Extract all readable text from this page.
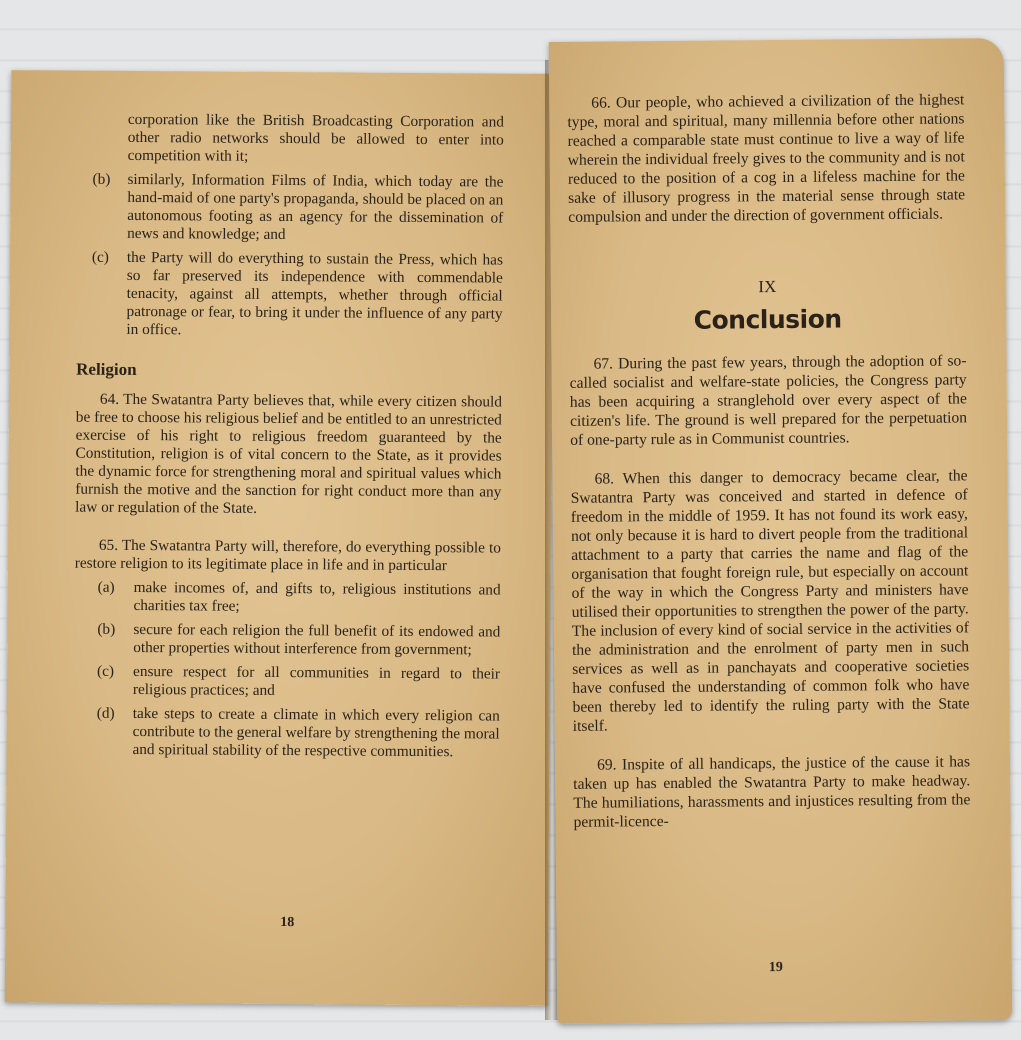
corporation like the British Broadcasting Corporation and other radio networks should be allowed to enter into competition with it;

(b)	similarly, Information Films of India, which today are the hand-maid of one party's propaganda, should be placed on an autonomous footing as an agency for the dissemination of news and knowledge; and
(c)	the Party will do everything to sustain the Press, which has so far preserved its independence with commendable tenacity, against all attempts, whether through official patronage or fear, to bring it under the influence of any party in office.
Religion

64. The Swatantra Party believes that, while every citizen should be free to choose his religious belief and be entitled to an unrestricted exercise of his right to religious freedom guaranteed by the Constitution, religion is of vital concern to the State, as it provides the dynamic force for strengthening moral and spiritual values which furnish the motive and the sanction for right conduct more than any law or regulation of the State.

65. The Swatantra Party will, therefore, do everything possible to restore religion to its legitimate place in life and in particular

(a)	make incomes of, and gifts to, religious institutions and charities tax free;
(b)	secure for each religion the full benefit of its endowed and other properties without interference from government;
(c)	ensure respect for all communities in regard to their religious practices; and
(d)	take steps to create a climate in which every religion can contribute to the general welfare by strengthening the moral and spiritual stability of the respective communities.
18

66. Our people, who achieved a civilization of the highest type, moral and spiritual, many millennia before other nations reached a comparable state must continue to live a way of life wherein the individual freely gives to the community and is not reduced to the position of a cog in a lifeless machine for the sake of illusory progress in the material sense through state compulsion and under the direction of government officials.

IX
Conclusion

67. During the past few years, through the adoption of so-called socialist and welfare-state policies, the Congress party has been acquiring a stranglehold over every aspect of the citizen's life. The ground is well prepared for the perpetuation of one-party rule as in Communist countries.

68. When this danger to democracy became clear, the Swatantra Party was conceived and started in defence of freedom in the middle of 1959. It has not found its work easy, not only because it is hard to divert people from the traditional attachment to a party that carries the name and flag of the organisation that fought foreign rule, but especially on account of the way in which the Congress Party and ministers have utilised their opportunities to strengthen the power of the party. The inclusion of every kind of social service in the activities of the administration and the enrolment of party men in such services as well as in panchayats and cooperative societies have confused the understanding of common folk who have been thereby led to identify the ruling party with the State itself.

69. Inspite of all handicaps, the justice of the cause it has taken up has enabled the Swatantra Party to make headway. The humiliations, harassments and injustices resulting from the permit-licence-

19
